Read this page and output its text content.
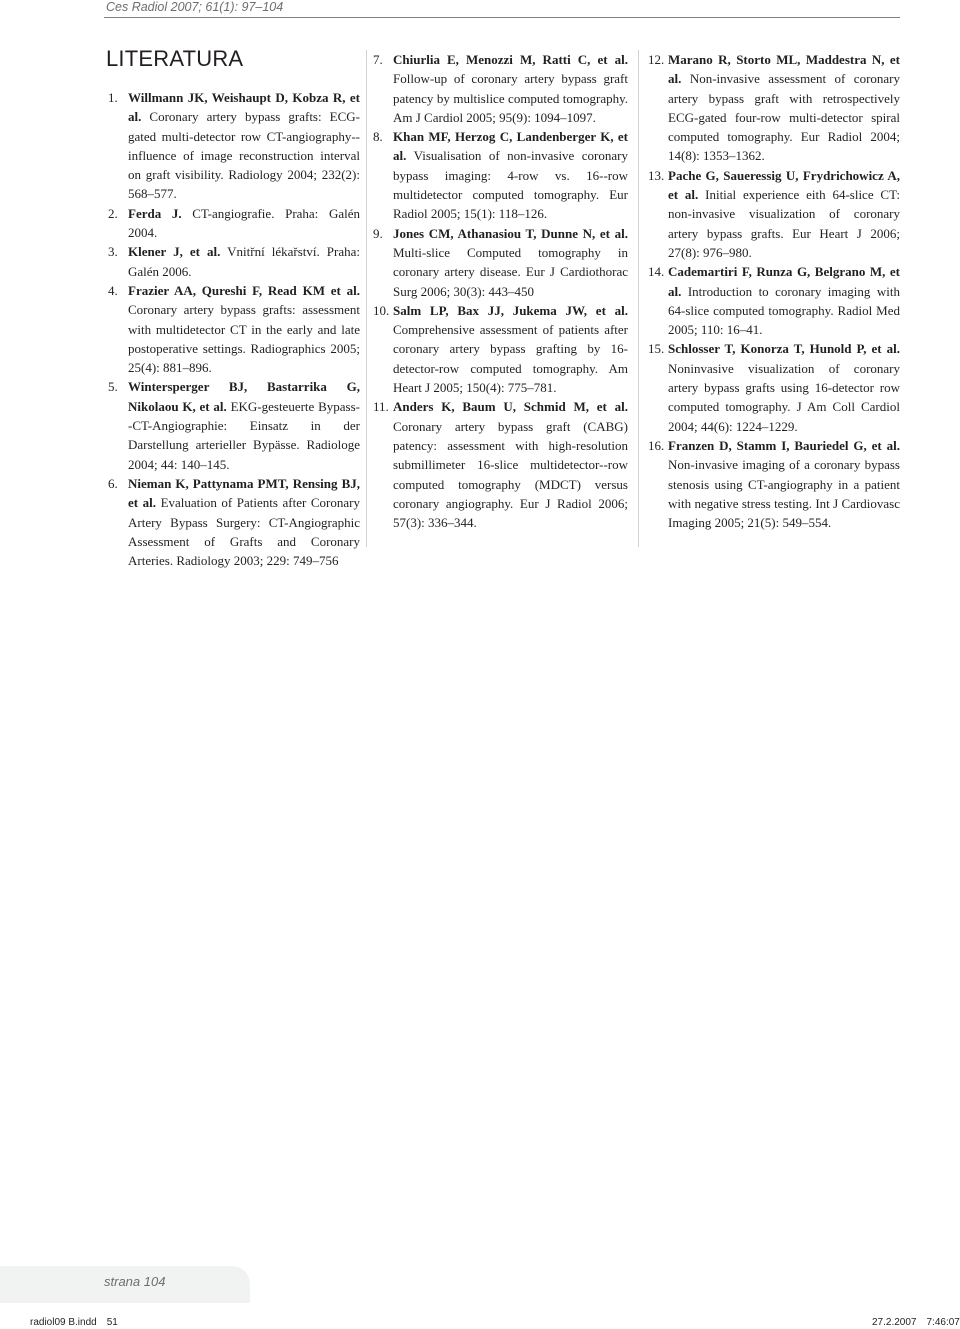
Ces Radiol 2007; 61(1): 97–104
LITERATURA

1. Willmann JK, Weishaupt D, Kobza R, et al. Coronary artery bypass grafts: ECG-gated multi-detector row CT-angiography--influence of image reconstruction interval on graft visibility. Radiology 2004; 232(2): 568–577.

2. Ferda J. CT-angiografie. Praha: Galén 2004.

3. Klener J, et al. Vnitřní lékařství. Praha: Galén 2006.

4. Frazier AA, Qureshi F, Read KM et al. Coronary artery bypass grafts: assessment with multidetector CT in the early and late postoperative settings. Radiographics 2005; 25(4): 881–896.

5. Wintersperger BJ, Bastarrika G, Nikolaou K, et al. EKG-gesteuerte Bypass--CT-Angiographie: Einsatz in der Darstellung arterieller Bypässe. Radiologe 2004; 44: 140–145.

6. Nieman K, Pattynama PMT, Rensing BJ, et al. Evaluation of Patients after Coronary Artery Bypass Surgery: CT-Angiographic Assessment of Grafts and Coronary Arteries. Radiology 2003; 229: 749–756

7. Chiurlia E, Menozzi M, Ratti C, et al. Follow-up of coronary artery bypass graft patency by multislice computed tomography. Am J Cardiol 2005; 95(9): 1094–1097.

8. Khan MF, Herzog C, Landenberger K, et al. Visualisation of non-invasive coronary bypass imaging: 4-row vs. 16--row multidetector computed tomography. Eur Radiol 2005; 15(1): 118–126.

9. Jones CM, Athanasiou T, Dunne N, et al. Multi-slice Computed tomography in coronary artery disease. Eur J Cardiothorac Surg 2006; 30(3): 443–450

10. Salm LP, Bax JJ, Jukema JW, et al. Comprehensive assessment of patients after coronary artery bypass grafting by 16-detector-row computed tomography. Am Heart J 2005; 150(4): 775–781.

11. Anders K, Baum U, Schmid M, et al. Coronary artery bypass graft (CABG) patency: assessment with high-resolution submillimeter 16-slice multidetector--row computed tomography (MDCT) versus coronary angiography. Eur J Radiol 2006; 57(3): 336–344.

12. Marano R, Storto ML, Maddestra N, et al. Non-invasive assessment of coronary artery bypass graft with retrospectively ECG-gated four-row multi-detector spiral computed tomography. Eur Radiol 2004; 14(8): 1353–1362.

13. Pache G, Saueressig U, Frydrichowicz A, et al. Initial experience eith 64-slice CT: non-invasive visualization of coronary artery bypass grafts. Eur Heart J 2006; 27(8): 976–980.

14. Cademartiri F, Runza G, Belgrano M, et al. Introduction to coronary imaging with 64-slice computed tomography. Radiol Med 2005; 110: 16–41.

15. Schlosser T, Konorza T, Hunold P, et al. Noninvasive visualization of coronary artery bypass grafts using 16-detector row computed tomography. J Am Coll Cardiol 2004; 44(6): 1224–1229.

16. Franzen D, Stamm I, Bauriedel G, et al. Non-invasive imaging of a coronary bypass stenosis using CT-angiography in a patient with negative stress testing. Int J Cardiovasc Imaging 2005; 21(5): 549–554.

strana 104
radiol09 B.indd 51	27.2.2007 7:46:07
